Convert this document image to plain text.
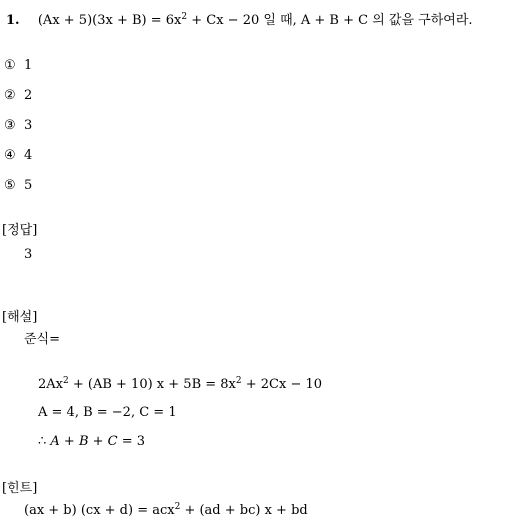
1. $(Ax + 5)(3x + B) = 6x^2 + Cx - 20$ 일 때, A + B + C 의 값을 구하여라.
① 1
② 2
③ 3
④ 4
⑤ 5
[정답]
3
[해설]
준식=
$2Ax^2 + (AB + 10) x + 5B = 8x^2 + 2Cx - 10$
A = 4, B = −2, C = 1
∴ A + B + C = 3
[힌트]
(ax + b) (cx + d) = acx$^2$ + (ad + bc) x + bd
